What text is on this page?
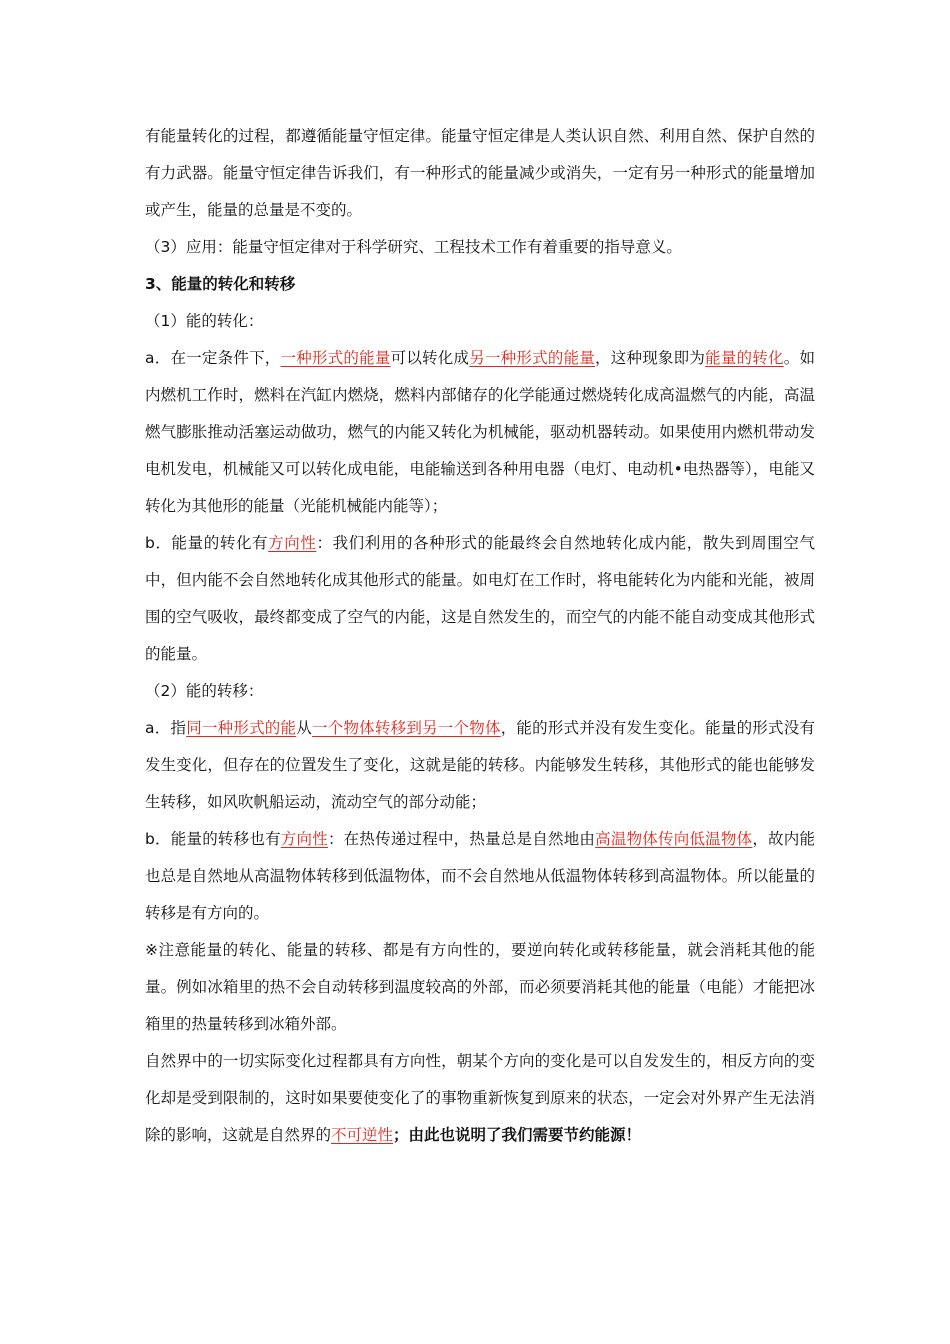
有能量转化的过程，都遵循能量守恒定律。能量守恒定律是人类认识自然、利用自然、保护自然的有力武器。能量守恒定律告诉我们，有一种形式的能量减少或消失，一定有另一种形式的能量增加或产生，能量的总量是不变的。

（3）应用：能量守恒定律对于科学研究、工程技术工作有着重要的指导意义。

3、能量的转化和转移

（1）能的转化：

a．在一定条件下，一种形式的能量可以转化成另一种形式的能量，这种现象即为能量的转化。如内燃机工作时，燃料在汽缸内燃烧，燃料内部储存的化学能通过燃烧转化成高温燃气的内能，高温燃气膨胀推动活塞运动做功，燃气的内能又转化为机械能，驱动机器转动。如果使用内燃机带动发电机发电，机械能又可以转化成电能，电能输送到各种用电器（电灯、电动机•电热器等），电能又转化为其他形的能量（光能机械能内能等）；

b．能量的转化有方向性：我们利用的各种形式的能最终会自然地转化成内能，散失到周围空气中，但内能不会自然地转化成其他形式的能量。如电灯在工作时，将电能转化为内能和光能，被周围的空气吸收，最终都变成了空气的内能，这是自然发生的，而空气的内能不能自动变成其他形式的能量。

（2）能的转移：

a．指同一种形式的能从一个物体转移到另一个物体，能的形式并没有发生变化。能量的形式没有发生变化，但存在的位置发生了变化，这就是能的转移。内能够发生转移，其他形式的能也能够发生转移，如风吹帆船运动，流动空气的部分动能；

b．能量的转移也有方向性：在热传递过程中，热量总是自然地由高温物体传向低温物体，故内能也总是自然地从高温物体转移到低温物体，而不会自然地从低温物体转移到高温物体。所以能量的转移是有方向的。

※注意能量的转化、能量的转移、都是有方向性的，要逆向转化或转移能量，就会消耗其他的能量。例如冰箱里的热不会自动转移到温度较高的外部，而必须要消耗其他的能量（电能）才能把冰箱里的热量转移到冰箱外部。

自然界中的一切实际变化过程都具有方向性，朝某个方向的变化是可以自发发生的，相反方向的变化却是受到限制的，这时如果要使变化了的事物重新恢复到原来的状态，一定会对外界产生无法消除的影响，这就是自然界的不可逆性；由此也说明了我们需要节约能源！
